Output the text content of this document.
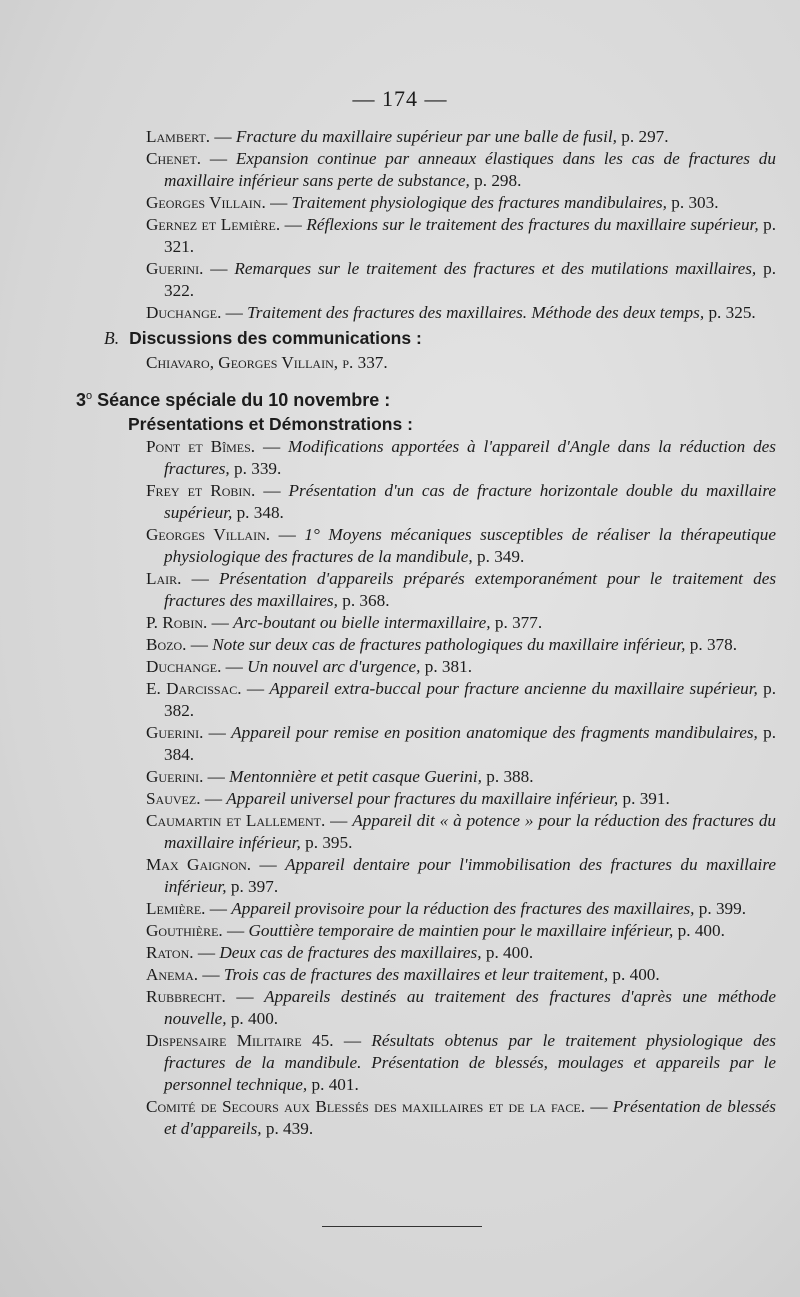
— 174 —
Lambert. — Fracture du maxillaire supérieur par une balle de fusil, p. 297.
Chenet. — Expansion continue par anneaux élastiques dans les cas de fractures du maxillaire inférieur sans perte de substance, p. 298.
Georges Villain. — Traitement physiologique des fractures mandibulaires, p. 303.
Gernez et Lemière. — Réflexions sur le traitement des fractures du maxillaire supérieur, p. 321.
Guerini. — Remarques sur le traitement des fractures et des mutilations maxillaires, p. 322.
Duchange. — Traitement des fractures des maxillaires. Méthode des deux temps, p. 325.
B. Discussions des communications :
Chiavaro, Georges Villain, p. 337.
3$^o$ Séance spéciale du 10 novembre :
Présentations et Démonstrations :
Pont et Bîmes. — Modifications apportées à l'appareil d'Angle dans la réduction des fractures, p. 339.
Frey et Robin. — Présentation d'un cas de fracture horizontale double du maxillaire supérieur, p. 348.
Georges Villain. — 1° Moyens mécaniques susceptibles de réaliser la thérapeutique physiologique des fractures de la mandibule, p. 349.
Lair. — Présentation d'appareils préparés extemporanément pour le traitement des fractures des maxillaires, p. 368.
P. Robin. — Arc-boutant ou bielle intermaxillaire, p. 377.
Bozo. — Note sur deux cas de fractures pathologiques du maxillaire inférieur, p. 378.
Duchange. — Un nouvel arc d'urgence, p. 381.
E. Darcissac. — Appareil extra-buccal pour fracture ancienne du maxillaire supérieur, p. 382.
Guerini. — Appareil pour remise en position anatomique des fragments mandibulaires, p. 384.
Guerini. — Mentonnière et petit casque Guerini, p. 388.
Sauvez. — Appareil universel pour fractures du maxillaire inférieur, p. 391.
Caumartin et Lallement. — Appareil dit « à potence » pour la réduction des fractures du maxillaire inférieur, p. 395.
Max Gaignon. — Appareil dentaire pour l'immobilisation des fractures du maxillaire inférieur, p. 397.
Lemière. — Appareil provisoire pour la réduction des fractures des maxillaires, p. 399.
Gouthière. — Gouttière temporaire de maintien pour le maxillaire inférieur, p. 400.
Raton. — Deux cas de fractures des maxillaires, p. 400.
Anema. — Trois cas de fractures des maxillaires et leur traitement, p. 400.
Rubbrecht. — Appareils destinés au traitement des fractures d'après une méthode nouvelle, p. 400.
Dispensaire Militaire 45. — Résultats obtenus par le traitement physiologique des fractures de la mandibule. Présentation de blessés, moulages et appareils par le personnel technique, p. 401.
Comité de Secours aux Blessés des maxillaires et de la face. — Présentation de blessés et d'appareils, p. 439.
